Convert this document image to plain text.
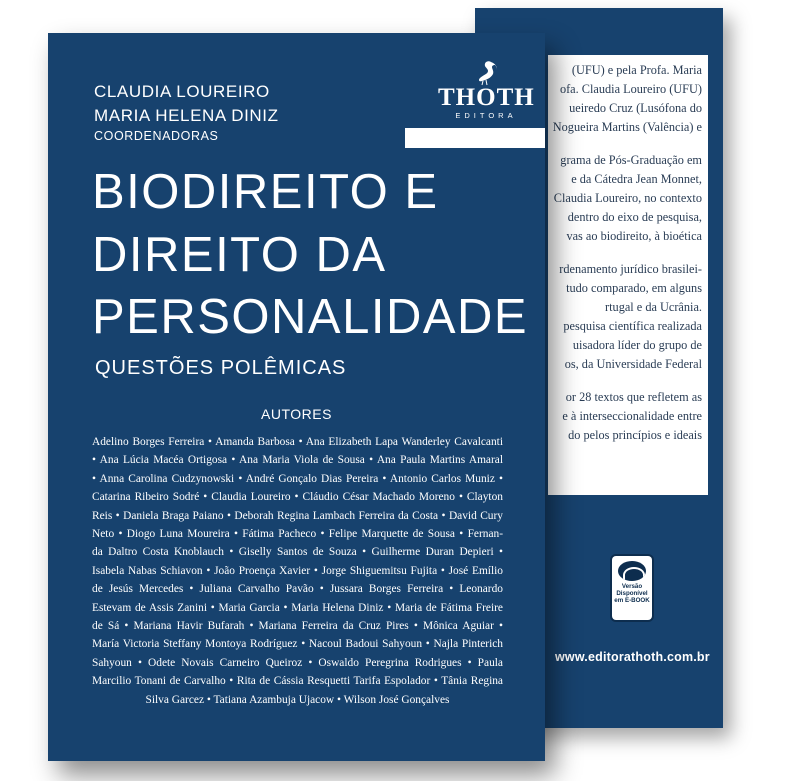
(UFU) e pela Profa. Maria
ofa. Claudia Loureiro (UFU)
ueiredo Cruz (Lusófona do
Nogueira Martins (Valência) e
grama de Pós-Graduação em
e da Cátedra Jean Monnet,
Claudia Loureiro, no contexto
dentro do eixo de pesquisa,
vas ao biodireito, à bioética
rdenamento jurídico brasilei-
tudo comparado, em alguns
rtugal e da Ucrânia.
pesquisa científica realizada
uisadora líder do grupo de
os, da Universidade Federal
or 28 textos que refletem as
e à interseccionalidade entre
do pelos princípios e ideais
Versão
Disponível
em E-BOOK
www.editorathoth.com.br
CLAUDIA LOUREIRO
MARIA HELENA DINIZ
COORDENADORAS
THOTH
EDITORA
BIODIREITO E
DIREITO DA
PERSONALIDADE
QUESTÕES POLÊMICAS
AUTORES
Adelino Borges Ferreira • Amanda Barbosa • Ana Elizabeth Lapa Wanderley Cavalcanti
• Ana Lúcia Macéa Ortigosa • Ana Maria Viola de Sousa • Ana Paula Martins Amaral
• Anna Carolina Cudzynowski • André Gonçalo Dias Pereira • Antonio Carlos Muniz •
Catarina Ribeiro Sodré • Claudia Loureiro • Cláudio César Machado Moreno • Clayton
Reis • Daniela Braga Paiano • Deborah Regina Lambach Ferreira da Costa • David Cury
Neto • Diogo Luna Moureira • Fátima Pacheco • Felipe Marquette de Sousa • Fernan-
da Daltro Costa Knoblauch • Giselly Santos de Souza • Guilherme Duran Depieri •
Isabela Nabas Schiavon • João Proença Xavier • Jorge Shiguemitsu Fujita • José Emílio
de Jesús Mercedes • Juliana Carvalho Pavão • Jussara Borges Ferreira • Leonardo
Estevam de Assis Zanini • Maria Garcia • Maria Helena Diniz • Maria de Fátima Freire
de Sá • Mariana Havir Bufarah • Mariana Ferreira da Cruz Pires • Mônica Aguiar •
María Victoria Steffany Montoya Rodríguez • Nacoul Badoui Sahyoun • Najla Pinterich
Sahyoun • Odete Novais Carneiro Queiroz • Oswaldo Peregrina Rodrigues • Paula
Marcilio Tonani de Carvalho • Rita de Cássia Resquetti Tarifa Espolador • Tânia Regina
Silva Garcez • Tatiana Azambuja Ujacow • Wilson José Gonçalves
